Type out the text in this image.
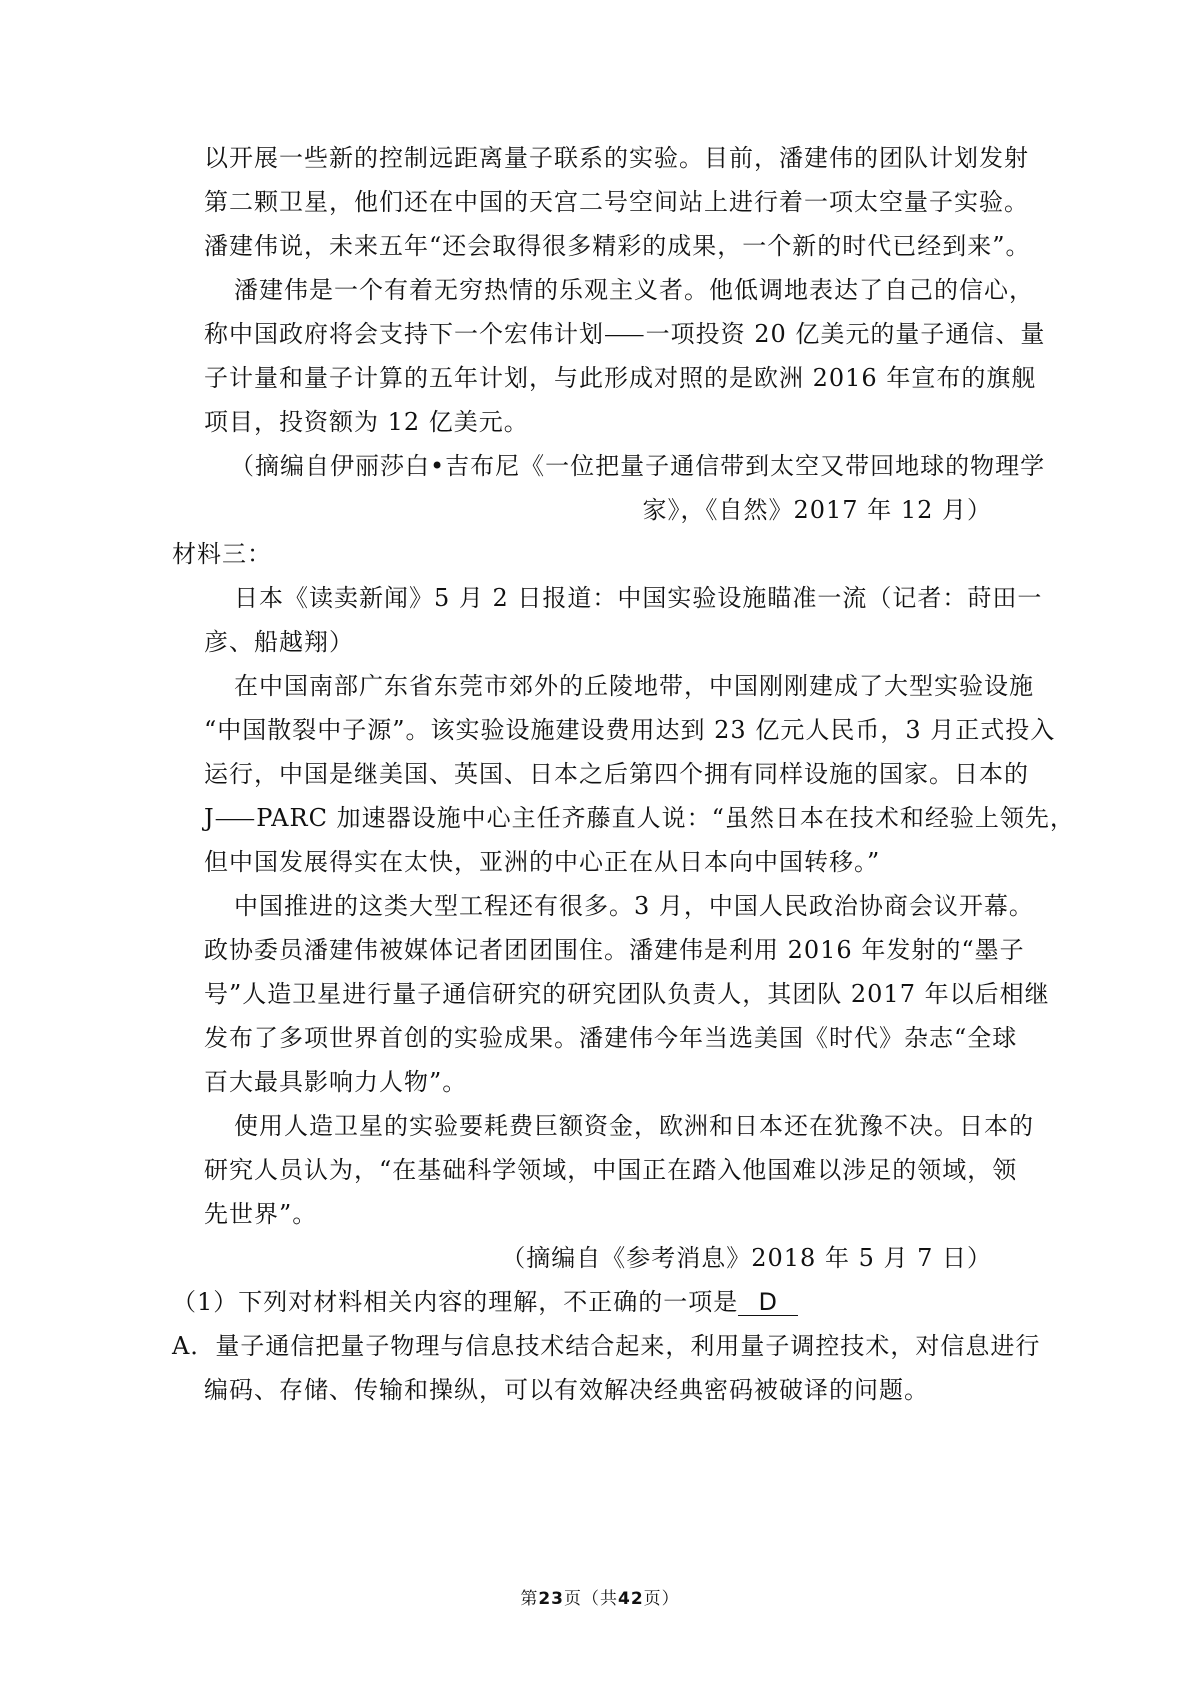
以开展一些新的控制远距离量子联系的实验。目前，潘建伟的团队计划发射
第二颗卫星，他们还在中国的天宫二号空间站上进行着一项太空量子实验。
潘建伟说，未来五年“还会取得很多精彩的成果，一个新的时代已经到来”。
潘建伟是一个有着无穷热情的乐观主义者。他低调地表达了自己的信心，
称中国政府将会支持下一个宏伟计划⸺一项投资 20 亿美元的量子通信、量
子计量和量子计算的五年计划，与此形成对照的是欧洲 2016 年宣布的旗舰
项目，投资额为 12 亿美元。
（摘编自伊丽莎白•吉布尼《一位把量子通信带到太空又带回地球的物理学
家》，《自然》2017 年 12 月）
材料三：
日本《读卖新闻》5 月 2 日报道：中国实验设施瞄准一流（记者：莳田一
彦、船越翔）
在中国南部广东省东莞市郊外的丘陵地带，中国刚刚建成了大型实验设施
“中国散裂中子源”。该实验设施建设费用达到 23 亿元人民币，3 月正式投入
运行，中国是继美国、英国、日本之后第四个拥有同样设施的国家。日本的
J⸺PARC 加速器设施中心主任齐藤直人说：“虽然日本在技术和经验上领先，
但中国发展得实在太快，亚洲的中心正在从日本向中国转移。”
中国推进的这类大型工程还有很多。3 月，中国人民政治协商会议开幕。
政协委员潘建伟被媒体记者团团围住。潘建伟是利用 2016 年发射的“墨子
号”人造卫星进行量子通信研究的研究团队负责人，其团队 2017 年以后相继
发布了多项世界首创的实验成果。潘建伟今年当选美国《时代》杂志“全球
百大最具影响力人物”。
使用人造卫星的实验要耗费巨额资金，欧洲和日本还在犹豫不决。日本的
研究人员认为，“在基础科学领域，中国正在踏入他国难以涉足的领域，领
先世界”。
（摘编自《参考消息》2018 年 5 月 7 日）
（1）下列对材料相关内容的理解，不正确的一项是 D
A．量子通信把量子物理与信息技术结合起来，利用量子调控技术，对信息进行
编码、存储、传输和操纵，可以有效解决经典密码被破译的问题。
第23页（共42页）
